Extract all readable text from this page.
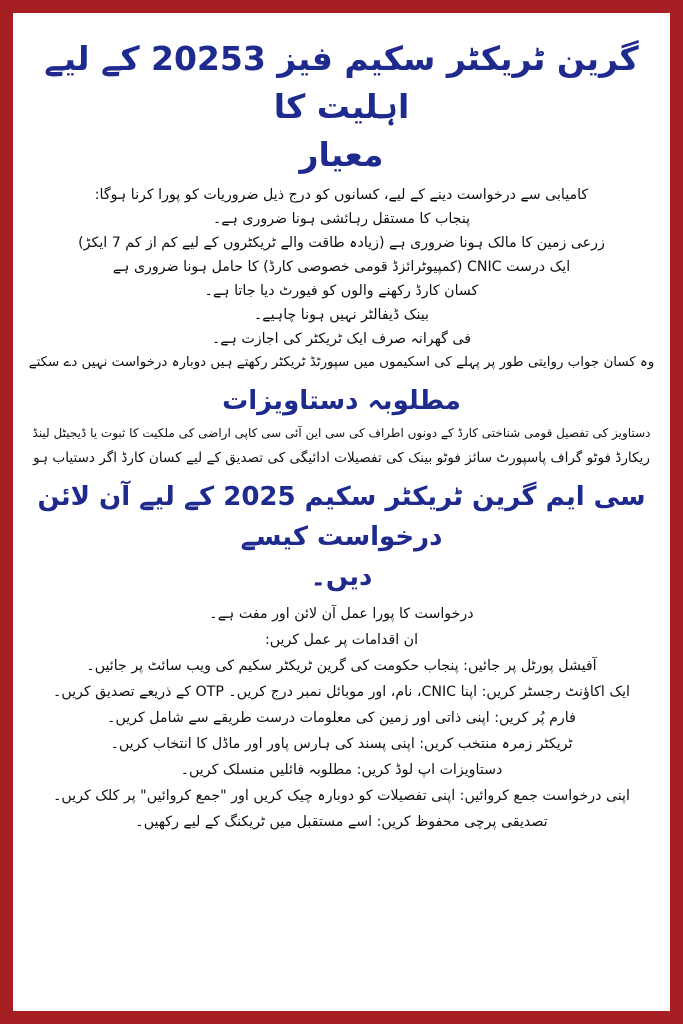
گرین ٹریکٹر سکیم فیز 20253 کے لیے اہلیت کا
معیار
کامیابی سے درخواست دینے کے لیے، کسانوں کو درج ذیل ضروریات کو پورا کرنا ہوگا:
پنجاب کا مستقل رہائشی ہونا ضروری ہے۔
زرعی زمین کا مالک ہونا ضروری ہے (زیادہ طاقت والے ٹریکٹروں کے لیے کم از کم 7 ایکڑ)
ایک درست CNIC (کمپیوٹرائزڈ قومی خصوصی کارڈ) کا حامل ہونا ضروری ہے
کسان کارڈ رکھنے والوں کو فیورٹ دیا جاتا ہے۔
بینک ڈیفالٹر نہیں ہونا چاہیے۔
فی گھرانہ صرف ایک ٹریکٹر کی اجازت ہے۔
وہ کسان جواب روایتی طور پر پہلے کی اسکیموں میں سپورٹڈ ٹریکٹر رکھتے ہیں دوبارہ درخواست نہیں دے سکتے
مطلوبہ دستاویزات
دستاویز کی تفصیل قومی شناختی کارڈ کے دونوں اطراف کی سی این آئی سی کاپی اراضی کی ملکیت کا ثبوت یا ڈیجیٹل لینڈ
ریکارڈ فوٹو گراف پاسپورٹ سائز فوٹو بینک کی تفصیلات ادائیگی کی تصدیق کے لیے کسان کارڈ اگر دستیاب ہو
سی ایم گرین ٹریکٹر سکیم 2025 کے لیے آن لائن درخواست کیسے
دیں۔
درخواست کا پورا عمل آن لائن اور مفت ہے۔
ان اقدامات پر عمل کریں:
آفیشل پورٹل پر جائیں: پنجاب حکومت کی گرین ٹریکٹر سکیم کی ویب سائٹ پر جائیں۔
ایک اکاؤنٹ رجسٹر کریں: اپنا CNIC، نام، اور موبائل نمبر درج کریں۔ OTP کے ذریعے تصدیق کریں۔
فارم پُر کریں: اپنی ذاتی اور زمین کی معلومات درست طریقے سے شامل کریں۔
ٹریکٹر زمرہ منتخب کریں: اپنی پسند کی ہارس پاور اور ماڈل کا انتخاب کریں۔
دستاویزات اپ لوڈ کریں: مطلوبہ فائلیں منسلک کریں۔
اپنی درخواست جمع کروائیں: اپنی تفصیلات کو دوبارہ چیک کریں اور "جمع کروائیں" پر کلک کریں۔
تصدیقی پرچی محفوظ کریں: اسے مستقبل میں ٹریکنگ کے لیے رکھیں۔
